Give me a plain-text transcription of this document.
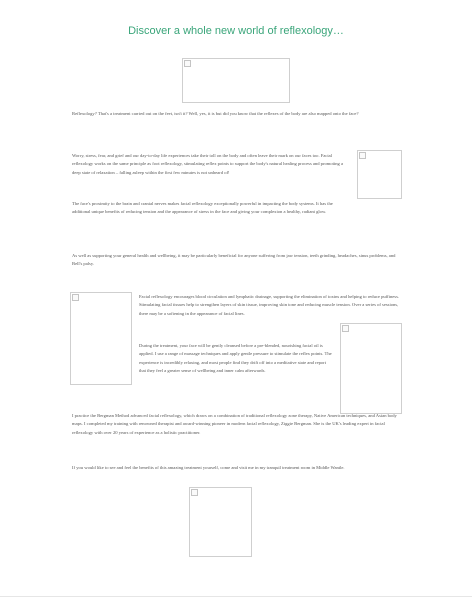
Discover a whole new world of reflexology…

Reflexology? That's a treatment carried out on the feet, isn't it? Well, yes, it is but did you know that the reflexes of the body are also mapped onto the face?

Worry, stress, fear, and grief and our day-to-day life experiences take their toll on the body and often leave their mark on our faces too. Facial reflexology works on the same principle as foot reflexology, stimulating reflex points to support the body's natural healing process and promoting a deep state of relaxation – falling asleep within the first few minutes is not unheard of!

The face's proximity to the brain and cranial nerves makes facial reflexology exceptionally powerful in impacting the body systems. It has the additional unique benefits of reducing tension and the appearance of stress in the face and giving your complexion a healthy, radiant glow.

As well as supporting your general health and wellbeing, it may be particularly beneficial for anyone suffering from jaw tension, teeth grinding, headaches, sinus problems, and Bell's palsy.

Facial reflexology encourages blood circulation and lymphatic drainage, supporting the elimination of toxins and helping to reduce puffiness. Stimulating facial tissues help to strengthen layers of skin tissue, improving skin tone and reducing muscle tension. Over a series of sessions, there may be a softening in the appearance of facial lines.

During the treatment, your face will be gently cleansed before a pre-blended, nourishing facial oil is applied. I use a range of massage techniques and apply gentle pressure to stimulate the reflex points. The experience is incredibly relaxing, and most people find they drift off into a meditative state and report that they feel a greater sense of wellbeing and inner calm afterwards.

I practice the Bergman Method advanced facial reflexology, which draws on a combination of traditional reflexology zone therapy, Native American techniques, and Asian body maps. I completed my training with renowned therapist and award-winning pioneer in modern facial reflexology, Ziggie Bergman. She is the UK's leading expert in facial reflexology with over 20 years of experience as a holistic practitioner.

If you would like to see and feel the benefits of this amazing treatment yourself, come and visit me in my tranquil treatment room in Middle Wantle.
